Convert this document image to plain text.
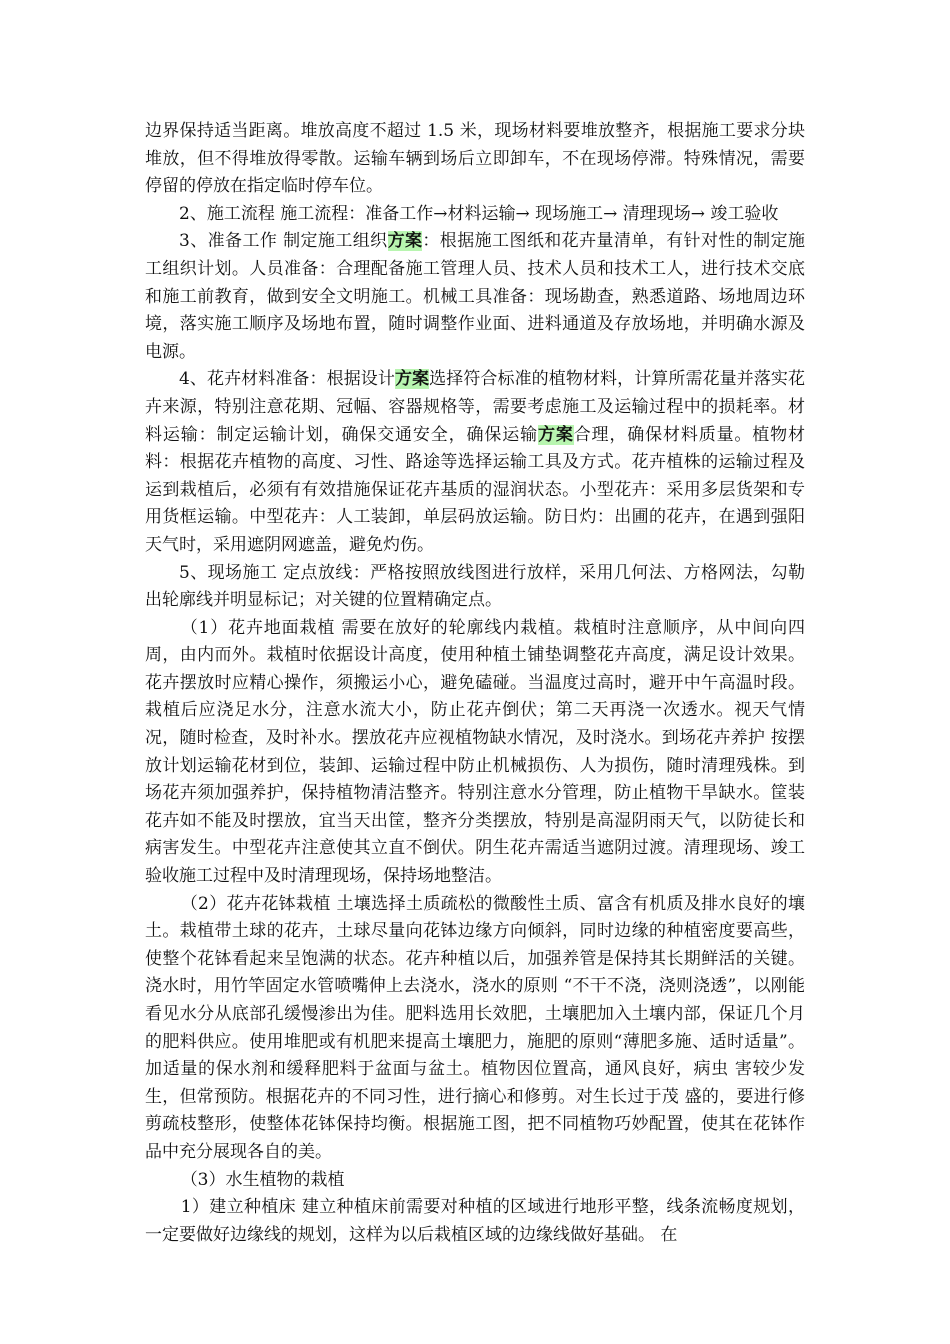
边界保持适当距离。堆放高度不超过 1.5 米，现场材料要堆放整齐，根据施工要求分块堆放，但不得堆放得零散。运输车辆到场后立即卸车，不在现场停滞。特殊情况，需要停留的停放在指定临时停车位。

2、施工流程 施工流程：准备工作→材料运输→ 现场施工→ 清理现场→ 竣工验收

3、准备工作 制定施工组织方案：根据施工图纸和花卉量清单，有针对性的制定施工组织计划。人员准备：合理配备施工管理人员、技术人员和技术工人，进行技术交底和施工前教育，做到安全文明施工。机械工具准备：现场勘查，熟悉道路、场地周边环境，落实施工顺序及场地布置，随时调整作业面、进料通道及存放场地，并明确水源及电源。

4、花卉材料准备：根据设计方案选择符合标准的植物材料，计算所需花量并落实花卉来源，特别注意花期、冠幅、容器规格等，需要考虑施工及运输过程中的损耗率。材料运输：制定运输计划，确保交通安全，确保运输方案合理，确保材料质量。植物材料：根据花卉植物的高度、习性、路途等选择运输工具及方式。花卉植株的运输过程及运到栽植后，必须有有效措施保证花卉基质的湿润状态。小型花卉：采用多层货架和专用货框运输。中型花卉：人工装卸，单层码放运输。防日灼：出圃的花卉，在遇到强阳天气时，采用遮阴网遮盖，避免灼伤。

5、现场施工 定点放线：严格按照放线图进行放样，采用几何法、方格网法，勾勒出轮廓线并明显标记；对关键的位置精确定点。

（1）花卉地面栽植 需要在放好的轮廓线内栽植。栽植时注意顺序，从中间向四周，由内而外。栽植时依据设计高度，使用种植土铺垫调整花卉高度，满足设计效果。花卉摆放时应精心操作，须搬运小心，避免磕碰。当温度过高时，避开中午高温时段。栽植后应浇足水分，注意水流大小，防止花卉倒伏；第二天再浇一次透水。视天气情况，随时检查，及时补水。摆放花卉应视植物缺水情况，及时浇水。到场花卉养护 按摆放计划运输花材到位，装卸、运输过程中防止机械损伤、人为损伤，随时清理残株。到场花卉须加强养护，保持植物清洁整齐。特别注意水分管理，防止植物干旱缺水。筐装花卉如不能及时摆放，宜当天出筐，整齐分类摆放，特别是高湿阴雨天气，以防徒长和病害发生。中型花卉注意使其立直不倒伏。阴生花卉需适当遮阴过渡。清理现场、竣工验收施工过程中及时清理现场，保持场地整洁。

（2）花卉花钵栽植 土壤选择土质疏松的微酸性土质、富含有机质及排水良好的壤土。栽植带土球的花卉，土球尽量向花钵边缘方向倾斜，同时边缘的种植密度要高些，使整个花钵看起来呈饱满的状态。花卉种植以后，加强养管是保持其长期鲜活的关键。浇水时，用竹竿固定水管喷嘴伸上去浇水，浇水的原则 “不干不浇，浇则浇透”，以刚能看见水分从底部孔缓慢渗出为佳。肥料选用长效肥，土壤肥加入土壤内部，保证几个月的肥料供应。使用堆肥或有机肥来提高土壤肥力，施肥的原则“薄肥多施、适时适量”。加适量的保水剂和缓释肥料于盆面与盆土。植物因位置高，通风良好，病虫 害较少发生，但常预防。根据花卉的不同习性，进行摘心和修剪。对生长过于茂 盛的，要进行修剪疏枝整形，使整体花钵保持均衡。根据施工图，把不同植物巧妙配置，使其在花钵作品中充分展现各自的美。

（3）水生植物的栽植

1）建立种植床 建立种植床前需要对种植的区域进行地形平整，线条流畅度规划，一定要做好边缘线的规划，这样为以后栽植区域的边缘线做好基础。 在
